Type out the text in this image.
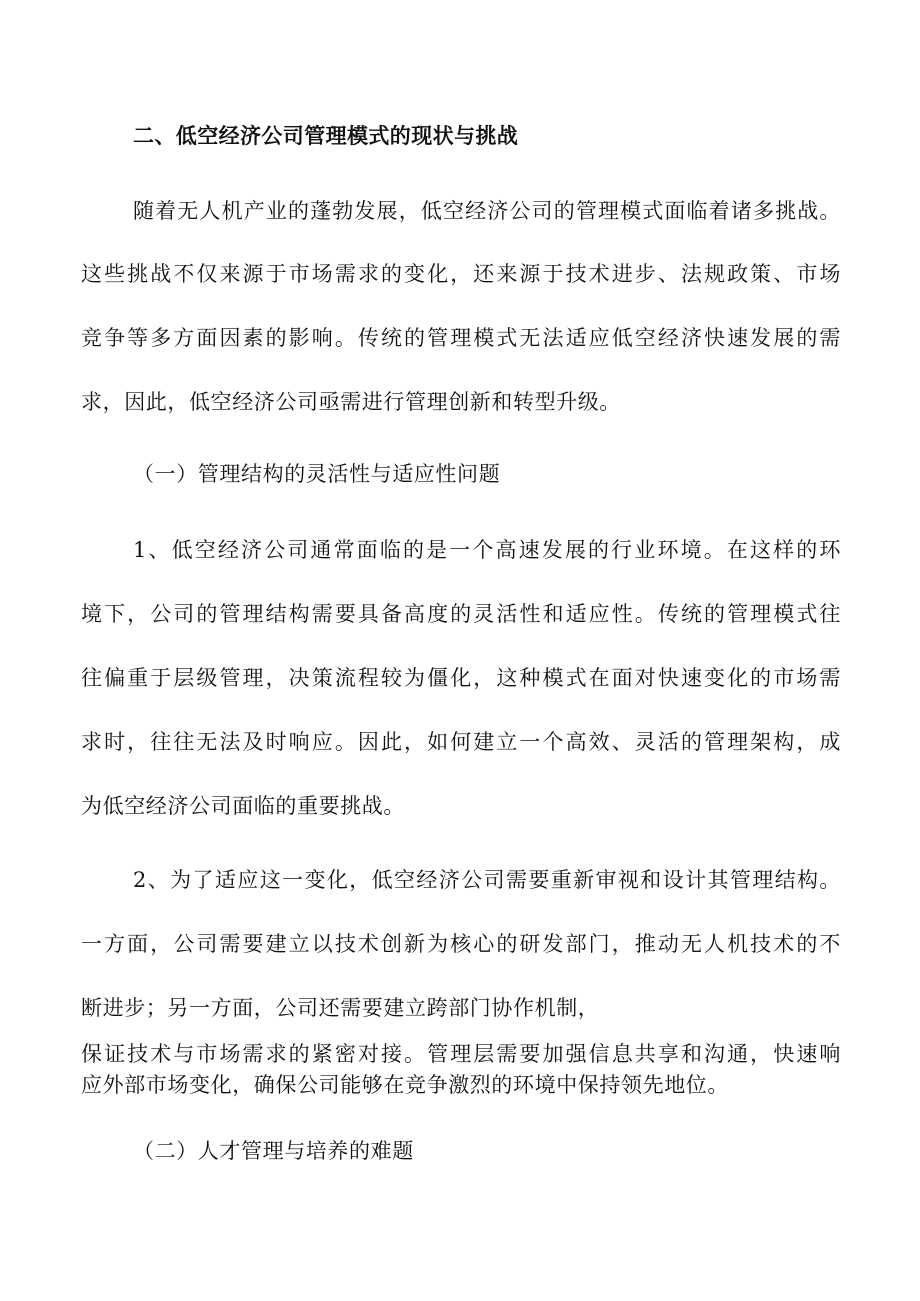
二、低空经济公司管理模式的现状与挑战
随着无人机产业的蓬勃发展，低空经济公司的管理模式面临着诸多挑战。
这些挑战不仅来源于市场需求的变化，还来源于技术进步、法规政策、市场
竞争等多方面因素的影响。传统的管理模式无法适应低空经济快速发展的需
求，因此，低空经济公司亟需进行管理创新和转型升级。
（一）管理结构的灵活性与适应性问题
1、低空经济公司通常面临的是一个高速发展的行业环境。在这样的环
境下，公司的管理结构需要具备高度的灵活性和适应性。传统的管理模式往
往偏重于层级管理，决策流程较为僵化，这种模式在面对快速变化的市场需
求时，往往无法及时响应。因此，如何建立一个高效、灵活的管理架构，成
为低空经济公司面临的重要挑战。
2、为了适应这一变化，低空经济公司需要重新审视和设计其管理结构。
一方面，公司需要建立以技术创新为核心的研发部门，推动无人机技术的不
断进步；另一方面，公司还需要建立跨部门协作机制，
保证技术与市场需求的紧密对接。管理层需要加强信息共享和沟通，快速响
应外部市场变化，确保公司能够在竞争激烈的环境中保持领先地位。
（二）人才管理与培养的难题
